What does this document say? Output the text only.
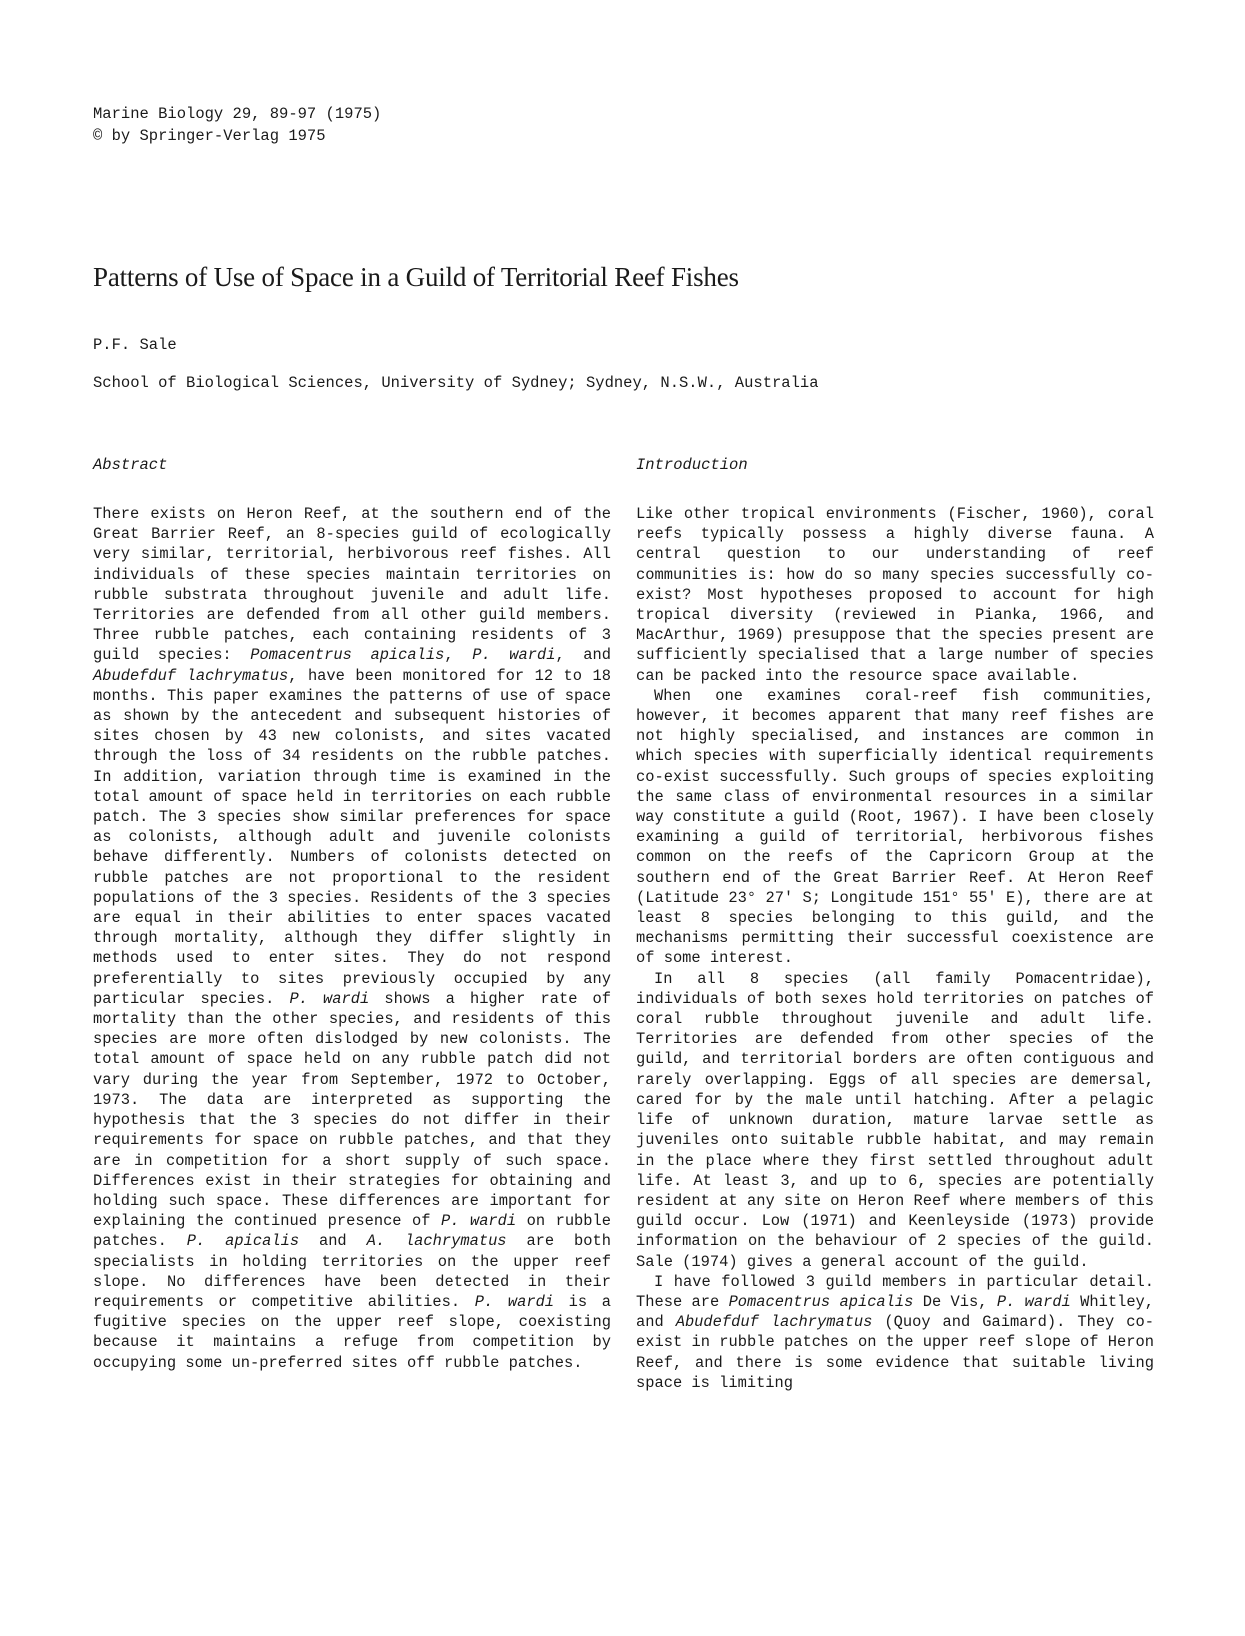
Marine Biology 29, 89-97 (1975)
© by Springer-Verlag 1975
Patterns of Use of Space in a Guild of Territorial Reef Fishes
P.F. Sale
School of Biological Sciences, University of Sydney; Sydney, N.S.W., Australia
Abstract

There exists on Heron Reef, at the southern end of the Great Barrier Reef, an 8-species guild of ecologically very similar, territorial, herbivorous reef fishes. All individuals of these species maintain territories on rubble substrata throughout juvenile and adult life. Territories are defended from all other guild members. Three rubble patches, each containing residents of 3 guild species: Pomacentrus apicalis, P. wardi, and Abudefduf lachrymatus, have been monitored for 12 to 18 months. This paper examines the patterns of use of space as shown by the antecedent and subsequent histories of sites chosen by 43 new colonists, and sites vacated through the loss of 34 residents on the rubble patches. In addition, variation through time is examined in the total amount of space held in territories on each rubble patch. The 3 species show similar preferences for space as colonists, although adult and juvenile colonists behave differently. Numbers of colonists detected on rubble patches are not proportional to the resident populations of the 3 species. Residents of the 3 species are equal in their abilities to enter spaces vacated through mortality, although they differ slightly in methods used to enter sites. They do not respond preferentially to sites previously occupied by any particular species. P. wardi shows a higher rate of mortality than the other species, and residents of this species are more often dislodged by new colonists. The total amount of space held on any rubble patch did not vary during the year from September, 1972 to October, 1973. The data are interpreted as supporting the hypothesis that the 3 species do not differ in their requirements for space on rubble patches, and that they are in competition for a short supply of such space. Differences exist in their strategies for obtaining and holding such space. These differences are important for explaining the continued presence of P. wardi on rubble patches. P. apicalis and A. lachrymatus are both specialists in holding territories on the upper reef slope. No differences have been detected in their requirements or competitive abilities. P. wardi is a fugitive species on the upper reef slope, coexisting because it maintains a refuge from competition by occupying some un-preferred sites off rubble patches.

Introduction

Like other tropical environments (Fischer, 1960), coral reefs typically possess a highly diverse fauna. A central question to our understanding of reef communities is: how do so many species successfully co-exist? Most hypotheses proposed to account for high tropical diversity (reviewed in Pianka, 1966, and MacArthur, 1969) presuppose that the species present are sufficiently specialised that a large number of species can be packed into the resource space available.

When one examines coral-reef fish communities, however, it becomes apparent that many reef fishes are not highly specialised, and instances are common in which species with superficially identical requirements co-exist successfully. Such groups of species exploiting the same class of environmental resources in a similar way constitute a guild (Root, 1967). I have been closely examining a guild of territorial, herbivorous fishes common on the reefs of the Capricorn Group at the southern end of the Great Barrier Reef. At Heron Reef (Latitude 23° 27' S; Longitude 151° 55' E), there are at least 8 species belonging to this guild, and the mechanisms permitting their successful coexistence are of some interest.

In all 8 species (all family Pomacentridae), individuals of both sexes hold territories on patches of coral rubble throughout juvenile and adult life. Territories are defended from other species of the guild, and territorial borders are often contiguous and rarely overlapping. Eggs of all species are demersal, cared for by the male until hatching. After a pelagic life of unknown duration, mature larvae settle as juveniles onto suitable rubble habitat, and may remain in the place where they first settled throughout adult life. At least 3, and up to 6, species are potentially resident at any site on Heron Reef where members of this guild occur. Low (1971) and Keenleyside (1973) provide information on the behaviour of 2 species of the guild. Sale (1974) gives a general account of the guild.

I have followed 3 guild members in particular detail. These are Pomacentrus apicalis De Vis, P. wardi Whitley, and Abudefduf lachrymatus (Quoy and Gaimard). They co-exist in rubble patches on the upper reef slope of Heron Reef, and there is some evidence that suitable living space is limiting
